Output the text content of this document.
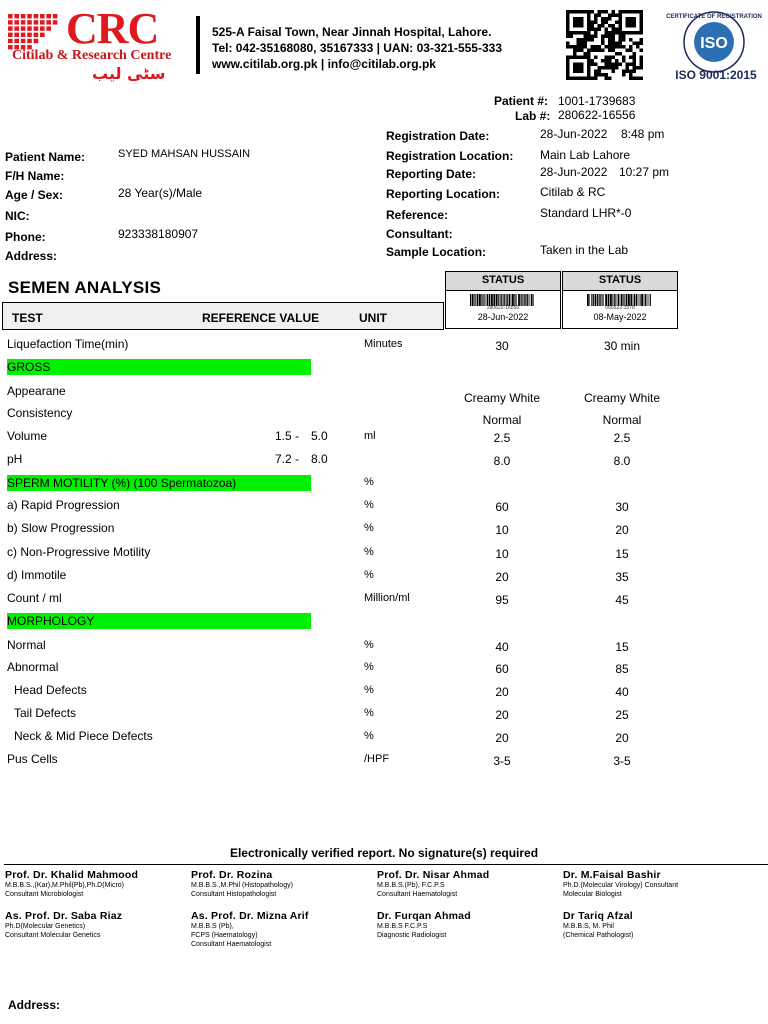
CRC
Citilab & Research Centre
سٹی لیب
525-A Faisal Town, Near Jinnah Hospital, Lahore.
Tel: 042-35168080, 35167333 | UAN: 03-321-555-333
www.citilab.org.pk | info@citilab.org.pk
ISO
CERTIFICATE OF REGISTRATION
ISO 9001:2015
Patient #: 1001-1739683
Lab #: 280622-16556
Patient Name:	SYED MAHSAN HUSSAIN
F/H Name:
Age / Sex:	28 Year(s)/Male
NIC:
Phone:	923338180907
Address:
Registration Date:	28-Jun-2022 8:48 pm
Registration Location: Main Lab Lahore
Reporting Date:	28-Jun-2022 10:27 pm
Reporting Location:	Citilab & RC
Reference:	Standard LHR*-0
Consultant:
Sample Location:	Taken in the Lab
SEMEN ANALYSIS
TEST	REFERENCE VALUE	UNIT
STATUS
280622-16556
28-Jun-2022
STATUS
060522-1578
08-May-2022
Liquefaction Time(min)	Minutes	30	30 min
GROSS
Appearane	Creamy White	Creamy White
Consistency	Normal	Normal
Volume	1.5 - 5.0	ml	2.5	2.5
pH	7.2 - 8.0	8.0	8.0
SPERM MOTILITY (%) (100 Spermatozoa)	%
a) Rapid Progression	%	60	30
b) Slow Progression	%	10	20
c) Non-Progressive Motility	%	10	15
d) Immotile	%	20	35
Count / ml	Million/ml	95	45
MORPHOLOGY
Normal	%	40	15
Abnormal	%	60	85
Head Defects	%	20	40
Tail Defects	%	20	25
Neck & Mid Piece Defects	%	20	20
Pus Cells	/HPF	3-5	3-5
Electronically verified report. No signature(s) required
Prof. Dr. Khalid Mahmood
M.B.B.S.,(Kar),M.Phil(Pb),Ph.D(Micro)
Consultant Microbiologist
Prof. Dr. Rozina
M.B.B.S.,M.Phil (Histopathology)
Consultant Histopathologist
Prof. Dr. Nisar Ahmad
M.B.B.S.(Pb), F.C.P.S
Consultant Haematologist
Dr. M.Faisal Bashir
Ph.D.(Molecular Virology) Consultant
Molecular Biologist
As. Prof. Dr. Saba Riaz
Ph.D(Molecular Genetics)
Consultant Molecular Genetics
As. Prof. Dr. Mizna Arif
M.B.B.S (Pb),
FCPS (Haematology)
Consultant Haematologist
Dr. Furqan Ahmad
M.B.B.S F.C.P.S
Diagnostic Radiologist
Dr Tariq Afzal
M.B.B.S, M. Phil
(Chemical Pathologist)
Address:
